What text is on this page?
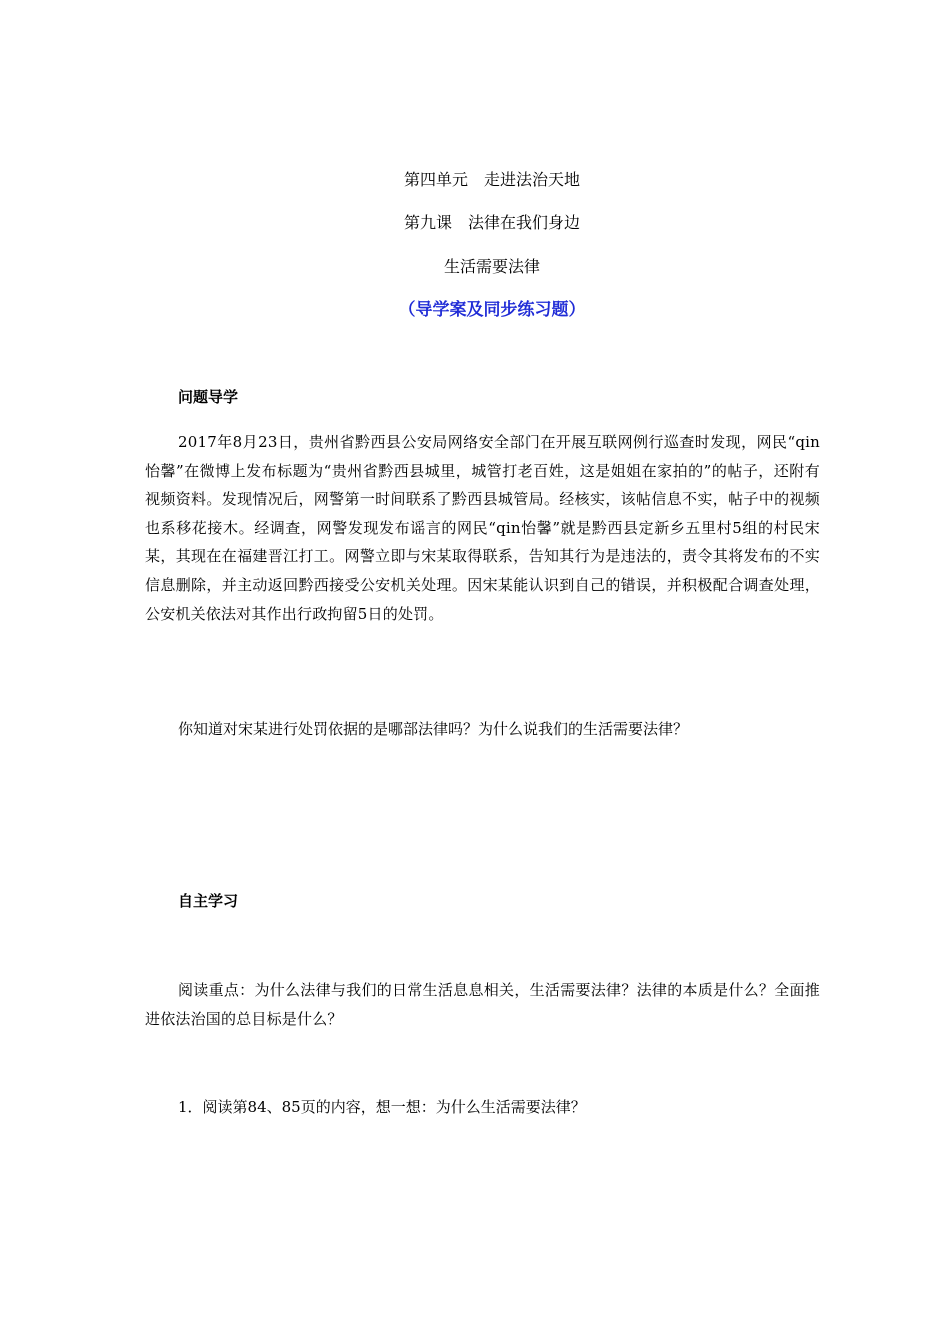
第四单元　走进法治天地
第九课　法律在我们身边
生活需要法律
（导学案及同步练习题）
问题导学
2017年8月23日，贵州省黔西县公安局网络安全部门在开展互联网例行巡查时发现，网民“qin怡馨”在微博上发布标题为“贵州省黔西县城里，城管打老百姓，这是姐姐在家拍的”的帖子，还附有视频资料。发现情况后，网警第一时间联系了黔西县城管局。经核实，该帖信息不实，帖子中的视频也系移花接木。经调查，网警发现发布谣言的网民“qin怡馨”就是黔西县定新乡五里村5组的村民宋某，其现在在福建晋江打工。网警立即与宋某取得联系，告知其行为是违法的，责令其将发布的不实信息删除，并主动返回黔西接受公安机关处理。因宋某能认识到自己的错误，并积极配合调查处理，公安机关依法对其作出行政拘留5日的处罚。
你知道对宋某进行处罚依据的是哪部法律吗？为什么说我们的生活需要法律？
自主学习
阅读重点：为什么法律与我们的日常生活息息相关，生活需要法律？法律的本质是什么？全面推进依法治国的总目标是什么？
1．阅读第84、85页的内容，想一想：为什么生活需要法律？
